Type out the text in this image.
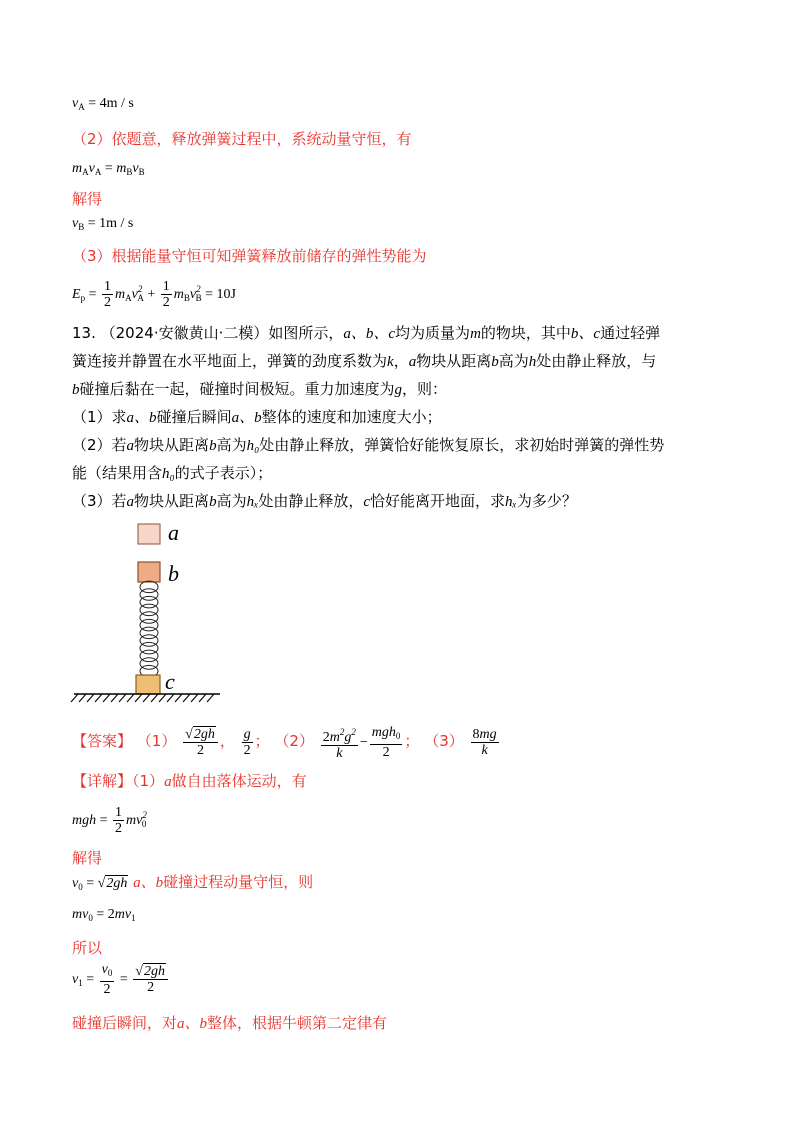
$v_A = 4m / s$
（2）依题意，释放弹簧过程中，系统动量守恒，有
$m_Av_A = m_Bv_B$
解得
$v_B = 1m / s$
（3）根据能量守恒可知弹簧释放前储存的弹性势能为
$E_p = \frac{1}{2} m_Av^2_A + \frac{1}{2} m_Bv^2_B = 10J$
13. （2024·安徽黄山·二模）如图所示，a、b、c均为质量为m的物块，其中b、c通过轻弹
簧连接并静置在水平地面上，弹簧的劲度系数为k，a物块从距离b高为h处由静止释放，与
b碰撞后黏在一起，碰撞时间极短。重力加速度为g，则：
（1）求a、b碰撞后瞬间a、b整体的速度和加速度大小；
（2）若a物块从距离b高为h₀处由静止释放，弹簧恰好能恢复原长，求初始时弹簧的弹性势
能（结果用含h₀的式子表示）；
（3）若a物块从距离b高为hₓ处由静止释放，c恰好能离开地面，求hₓ为多少？
a
b
c
【答案】 $(1) \frac{√2gh}{2}$ ， $\frac{g}{2}$ ； $(2) \frac{2m^2g^2}{k} - \frac{mgh_0}{2}$ ； $(3) \frac{8mg}{k}$
【详解】（1）a做自由落体运动，有
mgh = $\frac{1}{2} mv^2_0$
解得
$v_0 = √2gh$ a、b碰撞过程动量守恒，则
$mv_0 = 2mv_1$
所以
$v_1 = \frac{v_0}{2} = \frac{√2gh}{2}$
碰撞后瞬间，对a、b整体，根据牛顿第二定律有
